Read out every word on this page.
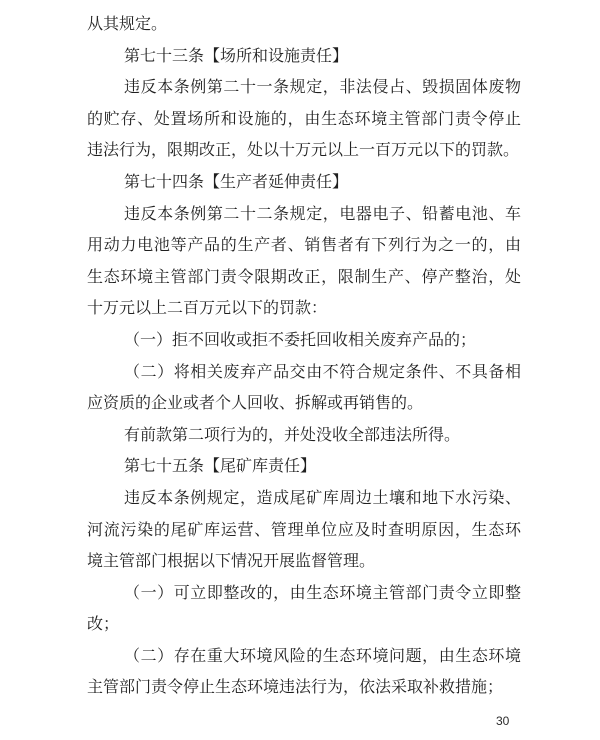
从其规定。
第七十三条【场所和设施责任】
违反本条例第二十一条规定，非法侵占、毁损固体废物
的贮存、处置场所和设施的，由生态环境主管部门责令停止
违法行为，限期改正，处以十万元以上一百万元以下的罚款。
第七十四条【生产者延伸责任】
违反本条例第二十二条规定，电器电子、铅蓄电池、车
用动力电池等产品的生产者、销售者有下列行为之一的，由
生态环境主管部门责令限期改正，限制生产、停产整治，处
十万元以上二百万元以下的罚款：
（一）拒不回收或拒不委托回收相关废弃产品的；
（二）将相关废弃产品交由不符合规定条件、不具备相
应资质的企业或者个人回收、拆解或再销售的。
有前款第二项行为的，并处没收全部违法所得。
第七十五条【尾矿库责任】
违反本条例规定，造成尾矿库周边土壤和地下水污染、
河流污染的尾矿库运营、管理单位应及时查明原因，生态环
境主管部门根据以下情况开展监督管理。
（一）可立即整改的，由生态环境主管部门责令立即整
改；
（二）存在重大环境风险的生态环境问题，由生态环境
主管部门责令停止生态环境违法行为，依法采取补救措施；
30
